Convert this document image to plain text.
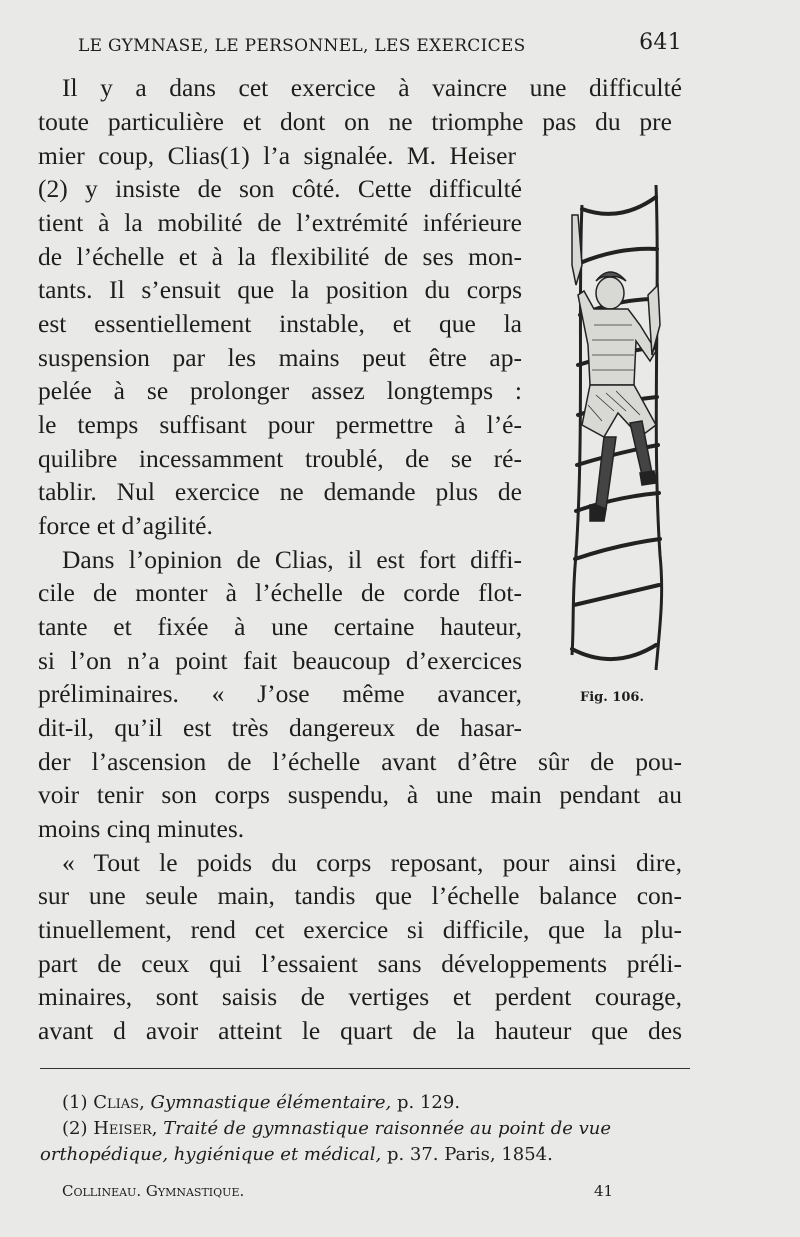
LE GYMNASE, LE PERSONNEL, LES EXERCICES	641
Il y a dans cet exercice à vaincre une difficulté
toute particulière et dont on ne triomphe pas du pre
mier coup, Clias(1) l’a signalée. M. Heiser
(2) y insiste de son côté. Cette difficulté
tient à la mobilité de l’extrémité inférieure
de l’échelle et à la flexibilité de ses mon-
tants. Il s’ensuit que la position du corps
est essentiellement instable, et que la
suspension par les mains peut être ap-
pelée à se prolonger assez longtemps :
le temps suffisant pour permettre à l’é-
quilibre incessamment troublé, de se ré-
tablir. Nul exercice ne demande plus de
force et d’agilité.
Dans l’opinion de Clias, il est fort diffi-
cile de monter à l’échelle de corde flot-
tante et fixée à une certaine hauteur,
si l’on n’a point fait beaucoup d’exercices
préliminaires. « J’ose même avancer,
dit-il, qu’il est très dangereux de hasar-
der l’ascension de l’échelle avant d’être sûr de pou-
voir tenir son corps suspendu, à une main pendant au
moins cinq minutes.
« Tout le poids du corps reposant, pour ainsi dire,
sur une seule main, tandis que l’échelle balance con-
tinuellement, rend cet exercice si difficile, que la plu-
part de ceux qui l’essaient sans développements préli-
minaires, sont saisis de vertiges et perdent courage,
avant d avoir atteint le quart de la hauteur que des
Fig. 106.
(1) Clias, Gymnastique élémentaire, p. 129.
(2) Heiser, Traité de gymnastique raisonnée au point de vue
orthopédique, hygiénique et médical, p. 37. Paris, 1854.
Collineau. Gymnastique.	41
